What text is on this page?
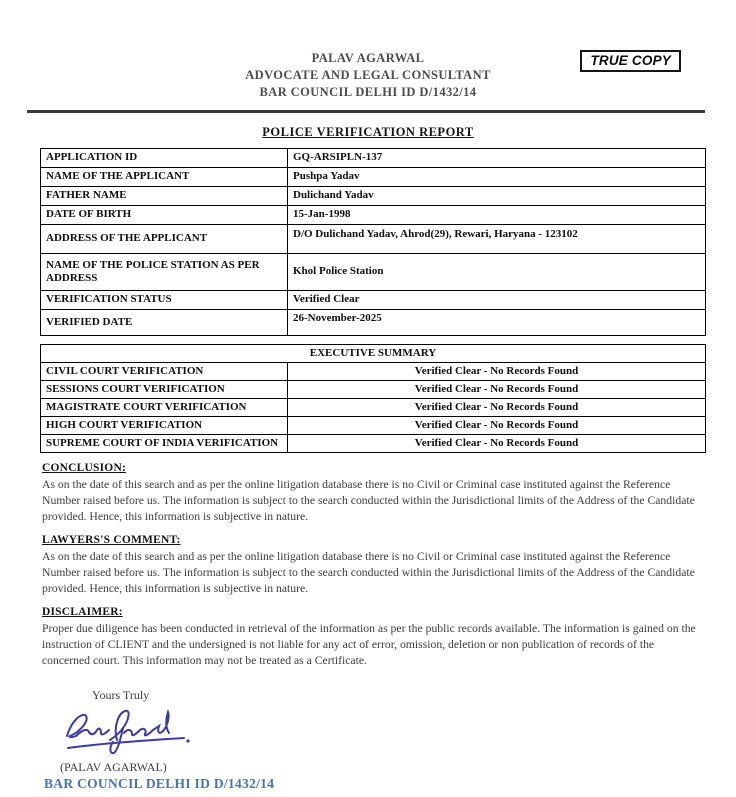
TRUE COPY
PALAV AGARWAL
ADVOCATE AND LEGAL CONSULTANT
BAR COUNCIL DELHI ID D/1432/14
POLICE VERIFICATION REPORT
APPLICATION ID	GQ-ARSIPLN-137
NAME OF THE APPLICANT	Pushpa Yadav
FATHER NAME	Dulichand Yadav
DATE OF BIRTH	15-Jan-1998
ADDRESS OF THE APPLICANT	D/O Dulichand Yadav, Ahrod(29), Rewari, Haryana - 123102
NAME OF THE POLICE STATION AS PER ADDRESS	Khol Police Station
VERIFICATION STATUS	Verified Clear
VERIFIED DATE	26-November-2025
EXECUTIVE SUMMARY	
CIVIL COURT VERIFICATION	Verified Clear - No Records Found
SESSIONS COURT VERIFICATION	Verified Clear - No Records Found
MAGISTRATE COURT VERIFICATION	Verified Clear - No Records Found
HIGH COURT VERIFICATION	Verified Clear - No Records Found
SUPREME COURT OF INDIA VERIFICATION	Verified Clear - No Records Found
CONCLUSION:

As on the date of this search and as per the online litigation database there is no Civil or Criminal case instituted against the Reference Number raised before us. The information is subject to the search conducted within the Jurisdictional limits of the Address of the Candidate provided. Hence, this information is subjective in nature.

LAWYERS'S COMMENT:

As on the date of this search and as per the online litigation database there is no Civil or Criminal case instituted against the Reference Number raised before us. The information is subject to the search conducted within the Jurisdictional limits of the Address of the Candidate provided. Hence, this information is subjective in nature.

DISCLAIMER:

Proper due diligence has been conducted in retrieval of the information as per the public records available. The information is gained on the instruction of CLIENT and the undersigned is not liable for any act of error, omission, deletion or non publication of records of the concerned court. This information may not be treated as a Certificate.

Yours Truly
(PALAV AGARWAL)
BAR COUNCIL DELHI ID D/1432/14
